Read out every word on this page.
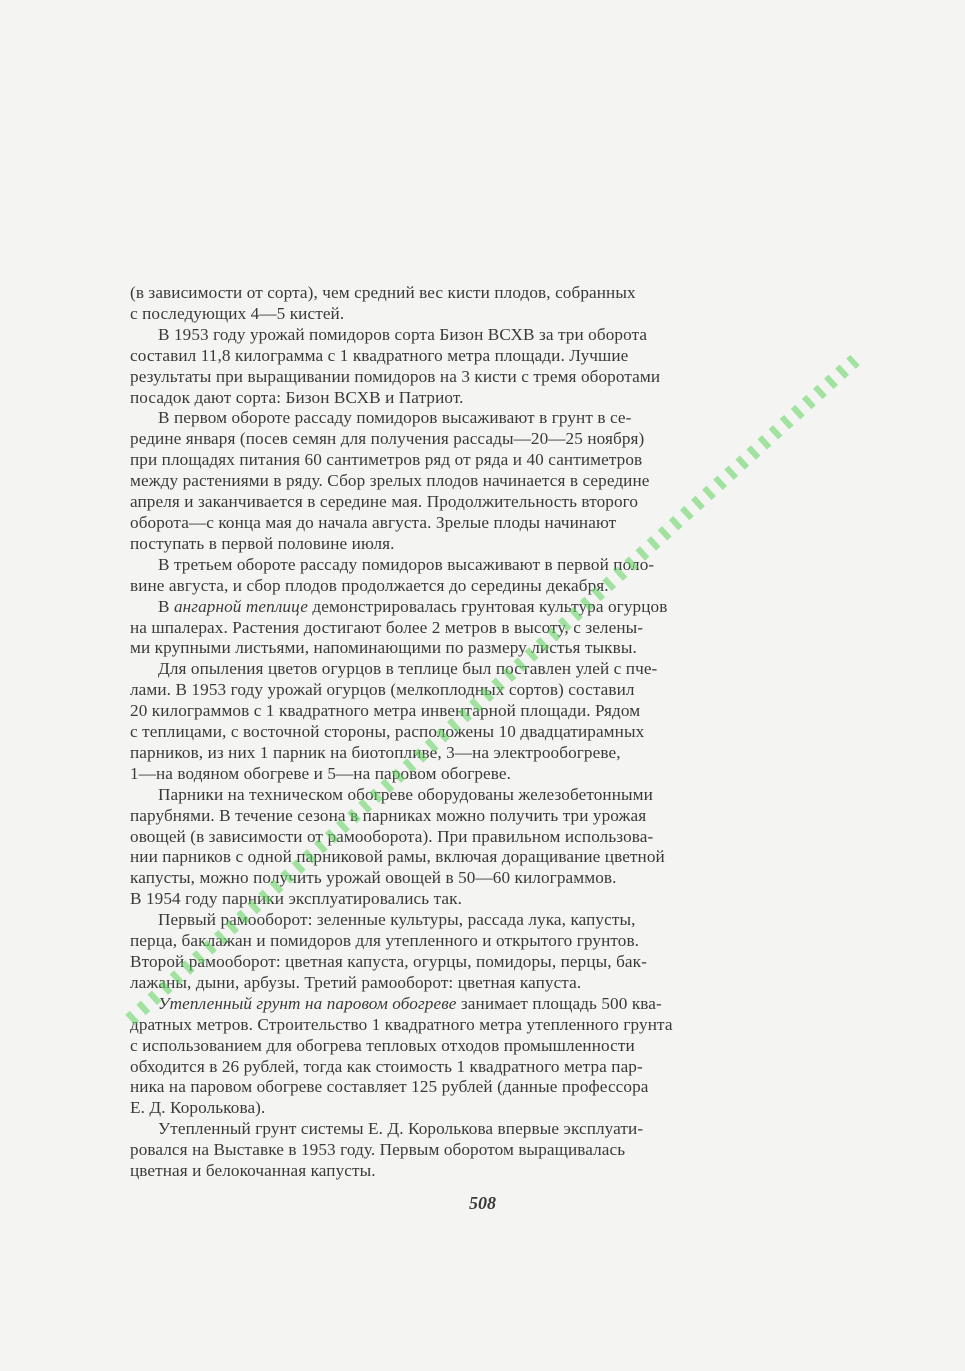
(в зависимости от сорта), чем средний вес кисти плодов, собранных
с последующих 4—5 кистей.

В 1953 году урожай помидоров сорта Бизон ВСХВ за три оборота
составил 11,8 килограмма с 1 квадратного метра площади. Лучшие
результаты при выращивании помидоров на 3 кисти с тремя оборотами
посадок дают сорта: Бизон ВСХВ и Патриот.

В первом обороте рассаду помидоров высаживают в грунт в се-
редине января (посев семян для получения рассады—20—25 ноября)
при площадях питания 60 сантиметров ряд от ряда и 40 сантиметров
между растениями в ряду. Сбор зрелых плодов начинается в середине
апреля и заканчивается в середине мая. Продолжительность второго
оборота—с конца мая до начала августа. Зрелые плоды начинают
поступать в первой половине июля.

В третьем обороте рассаду помидоров высаживают в первой поло-
вине августа, и сбор плодов продолжается до середины декабря.

В ангарной теплице демонстрировалась грунтовая культура огурцов
на шпалерах. Растения достигают более 2 метров в высоту, с зелены-
ми крупными листьями, напоминающими по размеру листья тыквы.

Для опыления цветов огурцов в теплице был поставлен улей с пче-
лами. В 1953 году урожай огурцов (мелкоплодных сортов) составил
20 килограммов с 1 квадратного метра инвентарной площади. Рядом
с теплицами, с восточной стороны, расположены 10 двадцатирамных
парников, из них 1 парник на биотопливе, 3—на электрообогреве,
1—на водяном обогреве и 5—на паровом обогреве.

Парники на техническом обогреве оборудованы железобетонными
парубнями. В течение сезона в парниках можно получить три урожая
овощей (в зависимости от рамооборота). При правильном использова-
нии парников с одной парниковой рамы, включая доращивание цветной
капусты, можно получить урожай овощей в 50—60 килограммов.
В 1954 году парники эксплуатировались так.

Первый рамооборот: зеленные культуры, рассада лука, капусты,
перца, баклажан и помидоров для утепленного и открытого грунтов.
Второй рамооборот: цветная капуста, огурцы, помидоры, перцы, бак-
лажаны, дыни, арбузы. Третий рамооборот: цветная капуста.

Утепленный грунт на паровом обогреве занимает площадь 500 ква-
дратных метров. Строительство 1 квадратного метра утепленного грунта
с использованием для обогрева тепловых отходов промышленности
обходится в 26 рублей, тогда как стоимость 1 квадратного метра пар-
ника на паровом обогреве составляет 125 рублей (данные профессора
Е. Д. Королькова).

Утепленный грунт системы Е. Д. Королькова впервые эксплуати-
ровался на Выставке в 1953 году. Первым оборотом выращивалась
цветная и белокочанная капусты.

508
